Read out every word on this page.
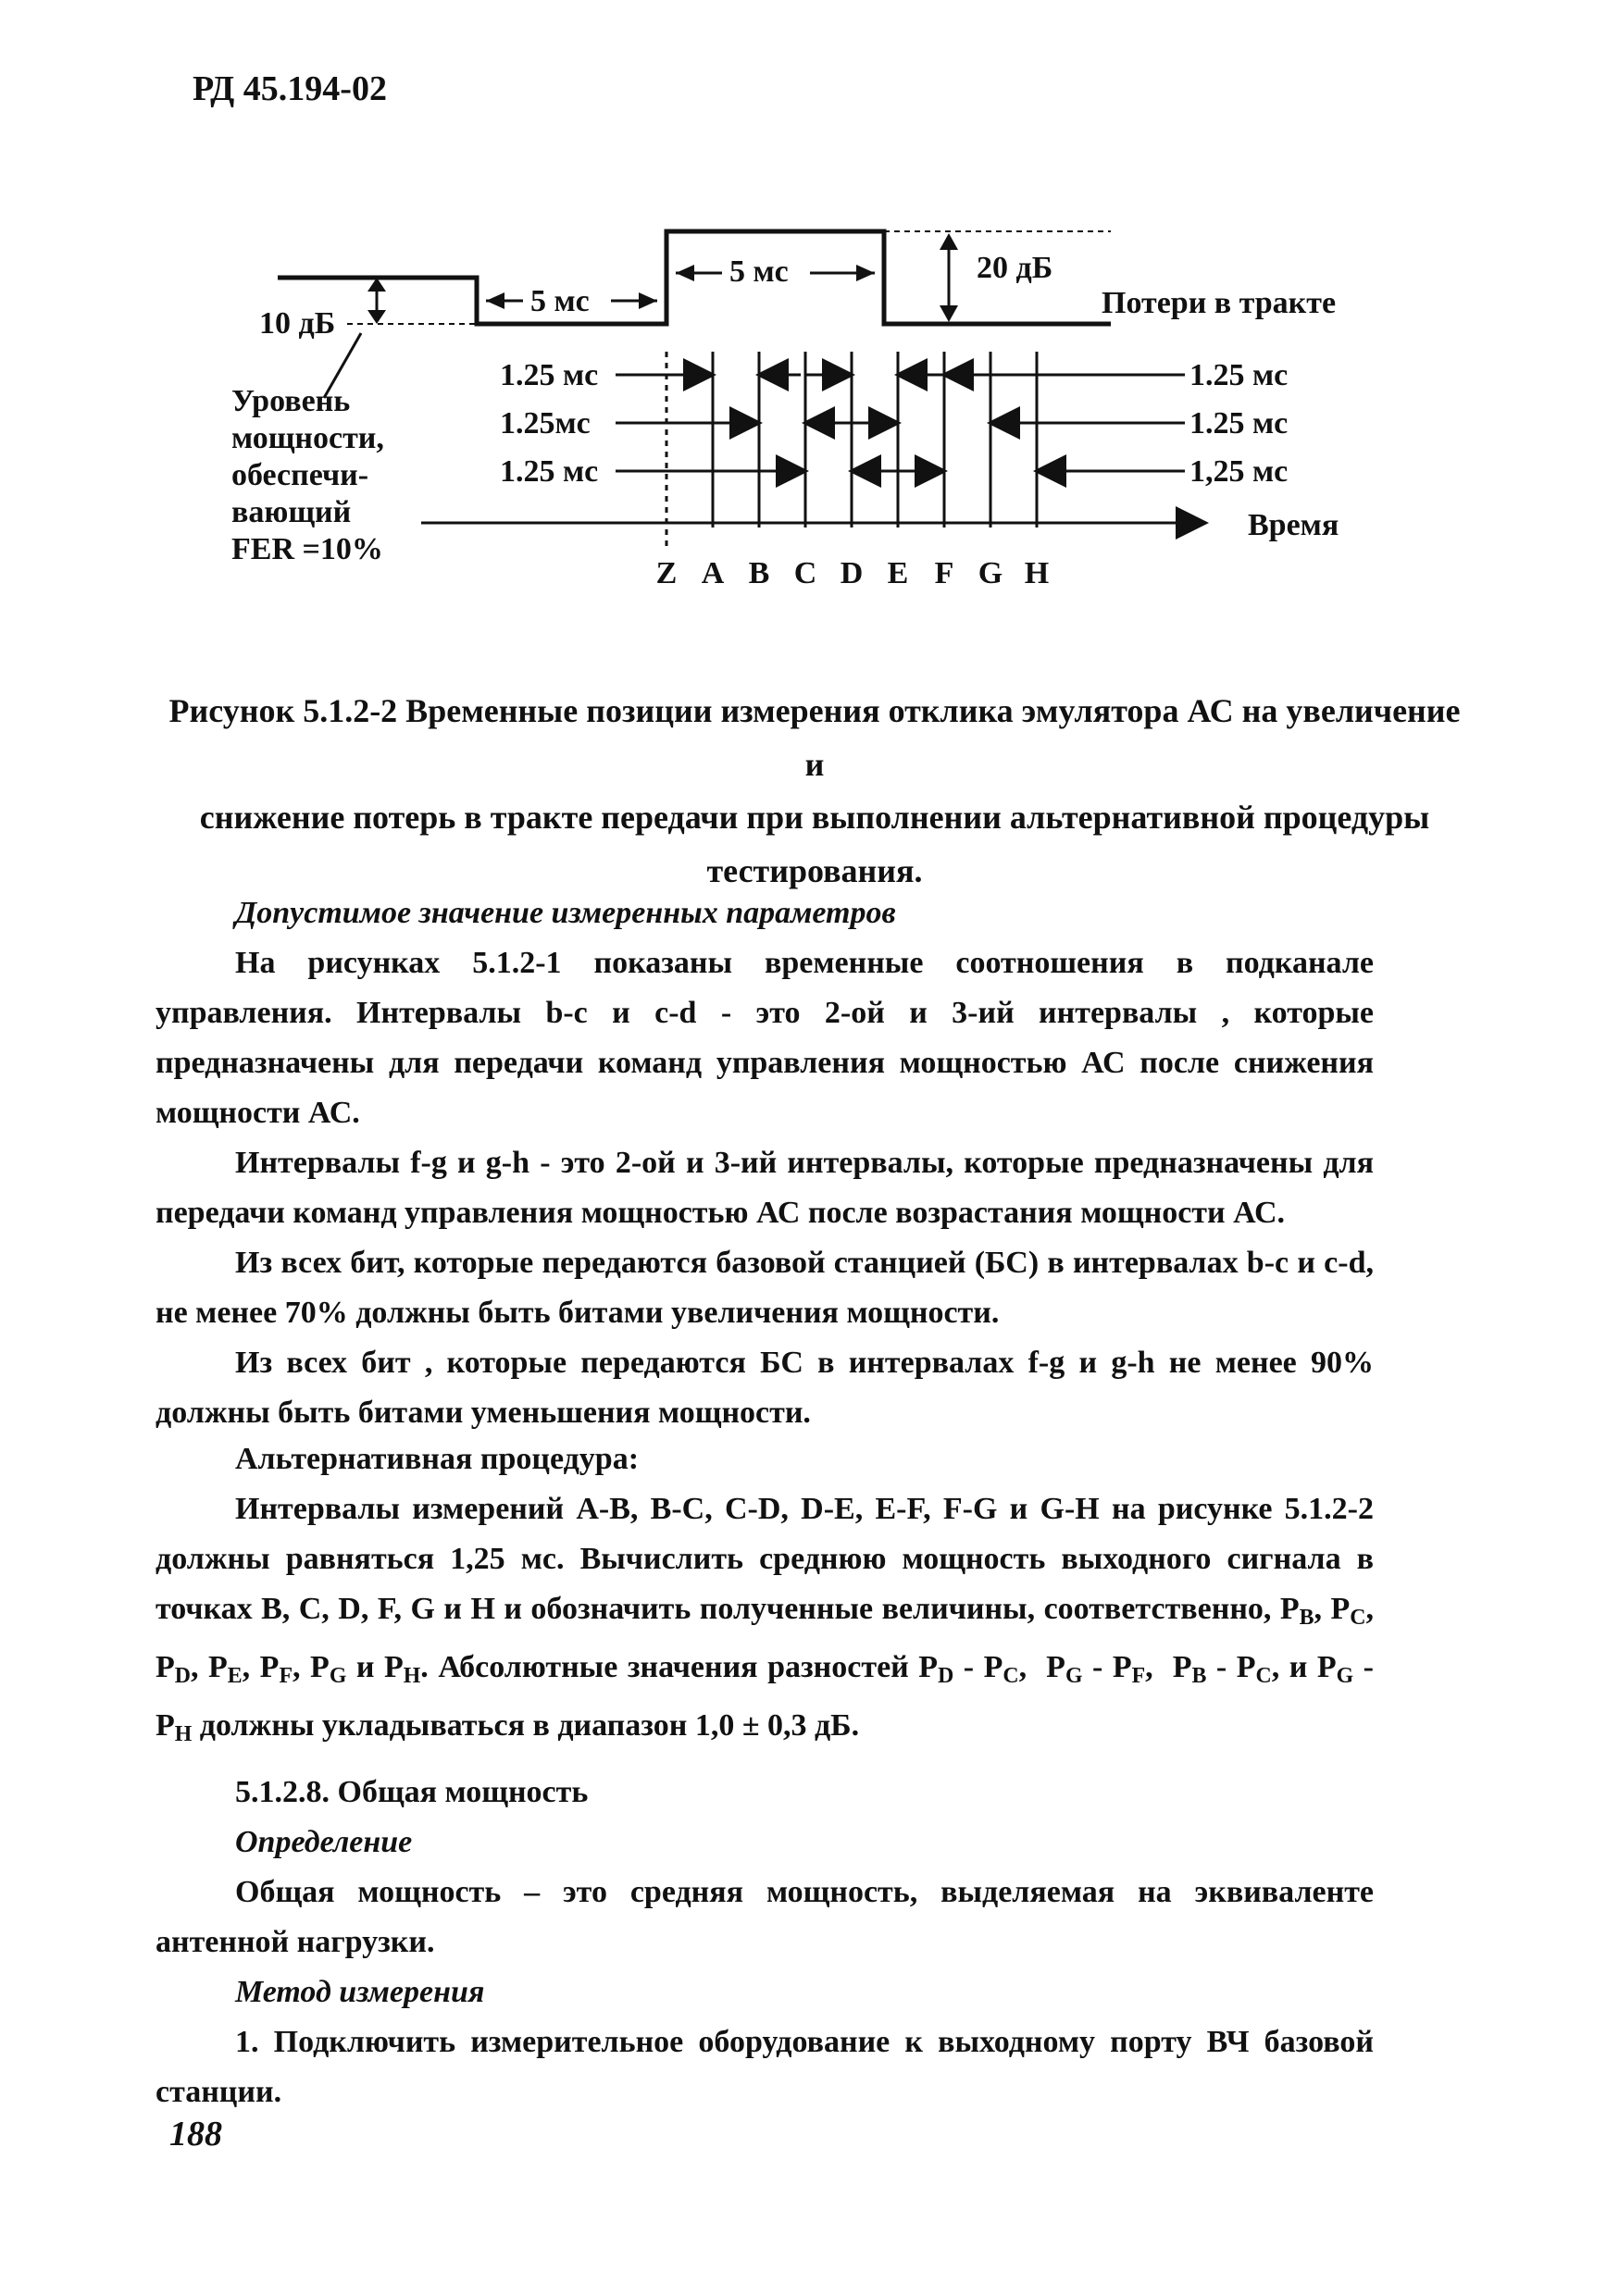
РД 45.194-02
10 дБ
5 мс
5 мс	20 дБ
Потери в тракте
Уровень
мощности,
обеспечи-
вающий
FER =10%
1.25 мс
1.25мс
1.25 мс
1.25 мс
1.25 мс
1,25 мс
Время
Z A B C D E F G H
Рисунок 5.1.2-2 Временные позиции измерения отклика эмулятора АС на увеличение и
снижение потерь в тракте передачи при выполнении альтернативной процедуры
тестирования.

Допустимое значение измеренных параметров

На рисунках 5.1.2-1 показаны временные соотношения в подканале управления. Интервалы b-c и c-d - это 2-ой и 3-ий интервалы , которые предназначены для передачи команд управления мощностью АС после снижения мощности АС.

Интервалы f-g и g-h - это 2-ой и 3-ий интервалы, которые предназначены для передачи команд управления мощностью АС после возрастания мощности АС.

Из всех бит, которые передаются базовой станцией (БС) в интервалах b-c и c-d, не менее 70% должны быть битами увеличения мощности.

Из всех бит , которые передаются БС в интервалах f-g и g-h не менее 90% должны быть битами уменьшения мощности.

Альтернативная процедура:

Интервалы измерений A-B, B-C, C-D, D-E, E-F, F-G и G-H на рисунке 5.1.2-2 должны равняться 1,25 мс. Вычислить среднюю мощность выходного сигнала в точках B, C, D, F, G и H и обозначить полученные величины, соответственно, $P_B$, $P_C$, $P_D$, $P_E$, $P_F$, $P_G$ и $P_H$. Абсолютные значения разностей $P_D - P_C$,  $P_G - P_F$,  $P_B - P_C$, и $P_G - P_H$ должны укладываться в диапазон 1,0 ± 0,3 дБ.

5.1.2.8. Общая мощность

Определение

Общая мощность – это средняя мощность, выделяемая на эквиваленте антенной нагрузки.

Метод измерения

1. Подключить измерительное оборудование к выходному порту ВЧ базовой станции.

188
